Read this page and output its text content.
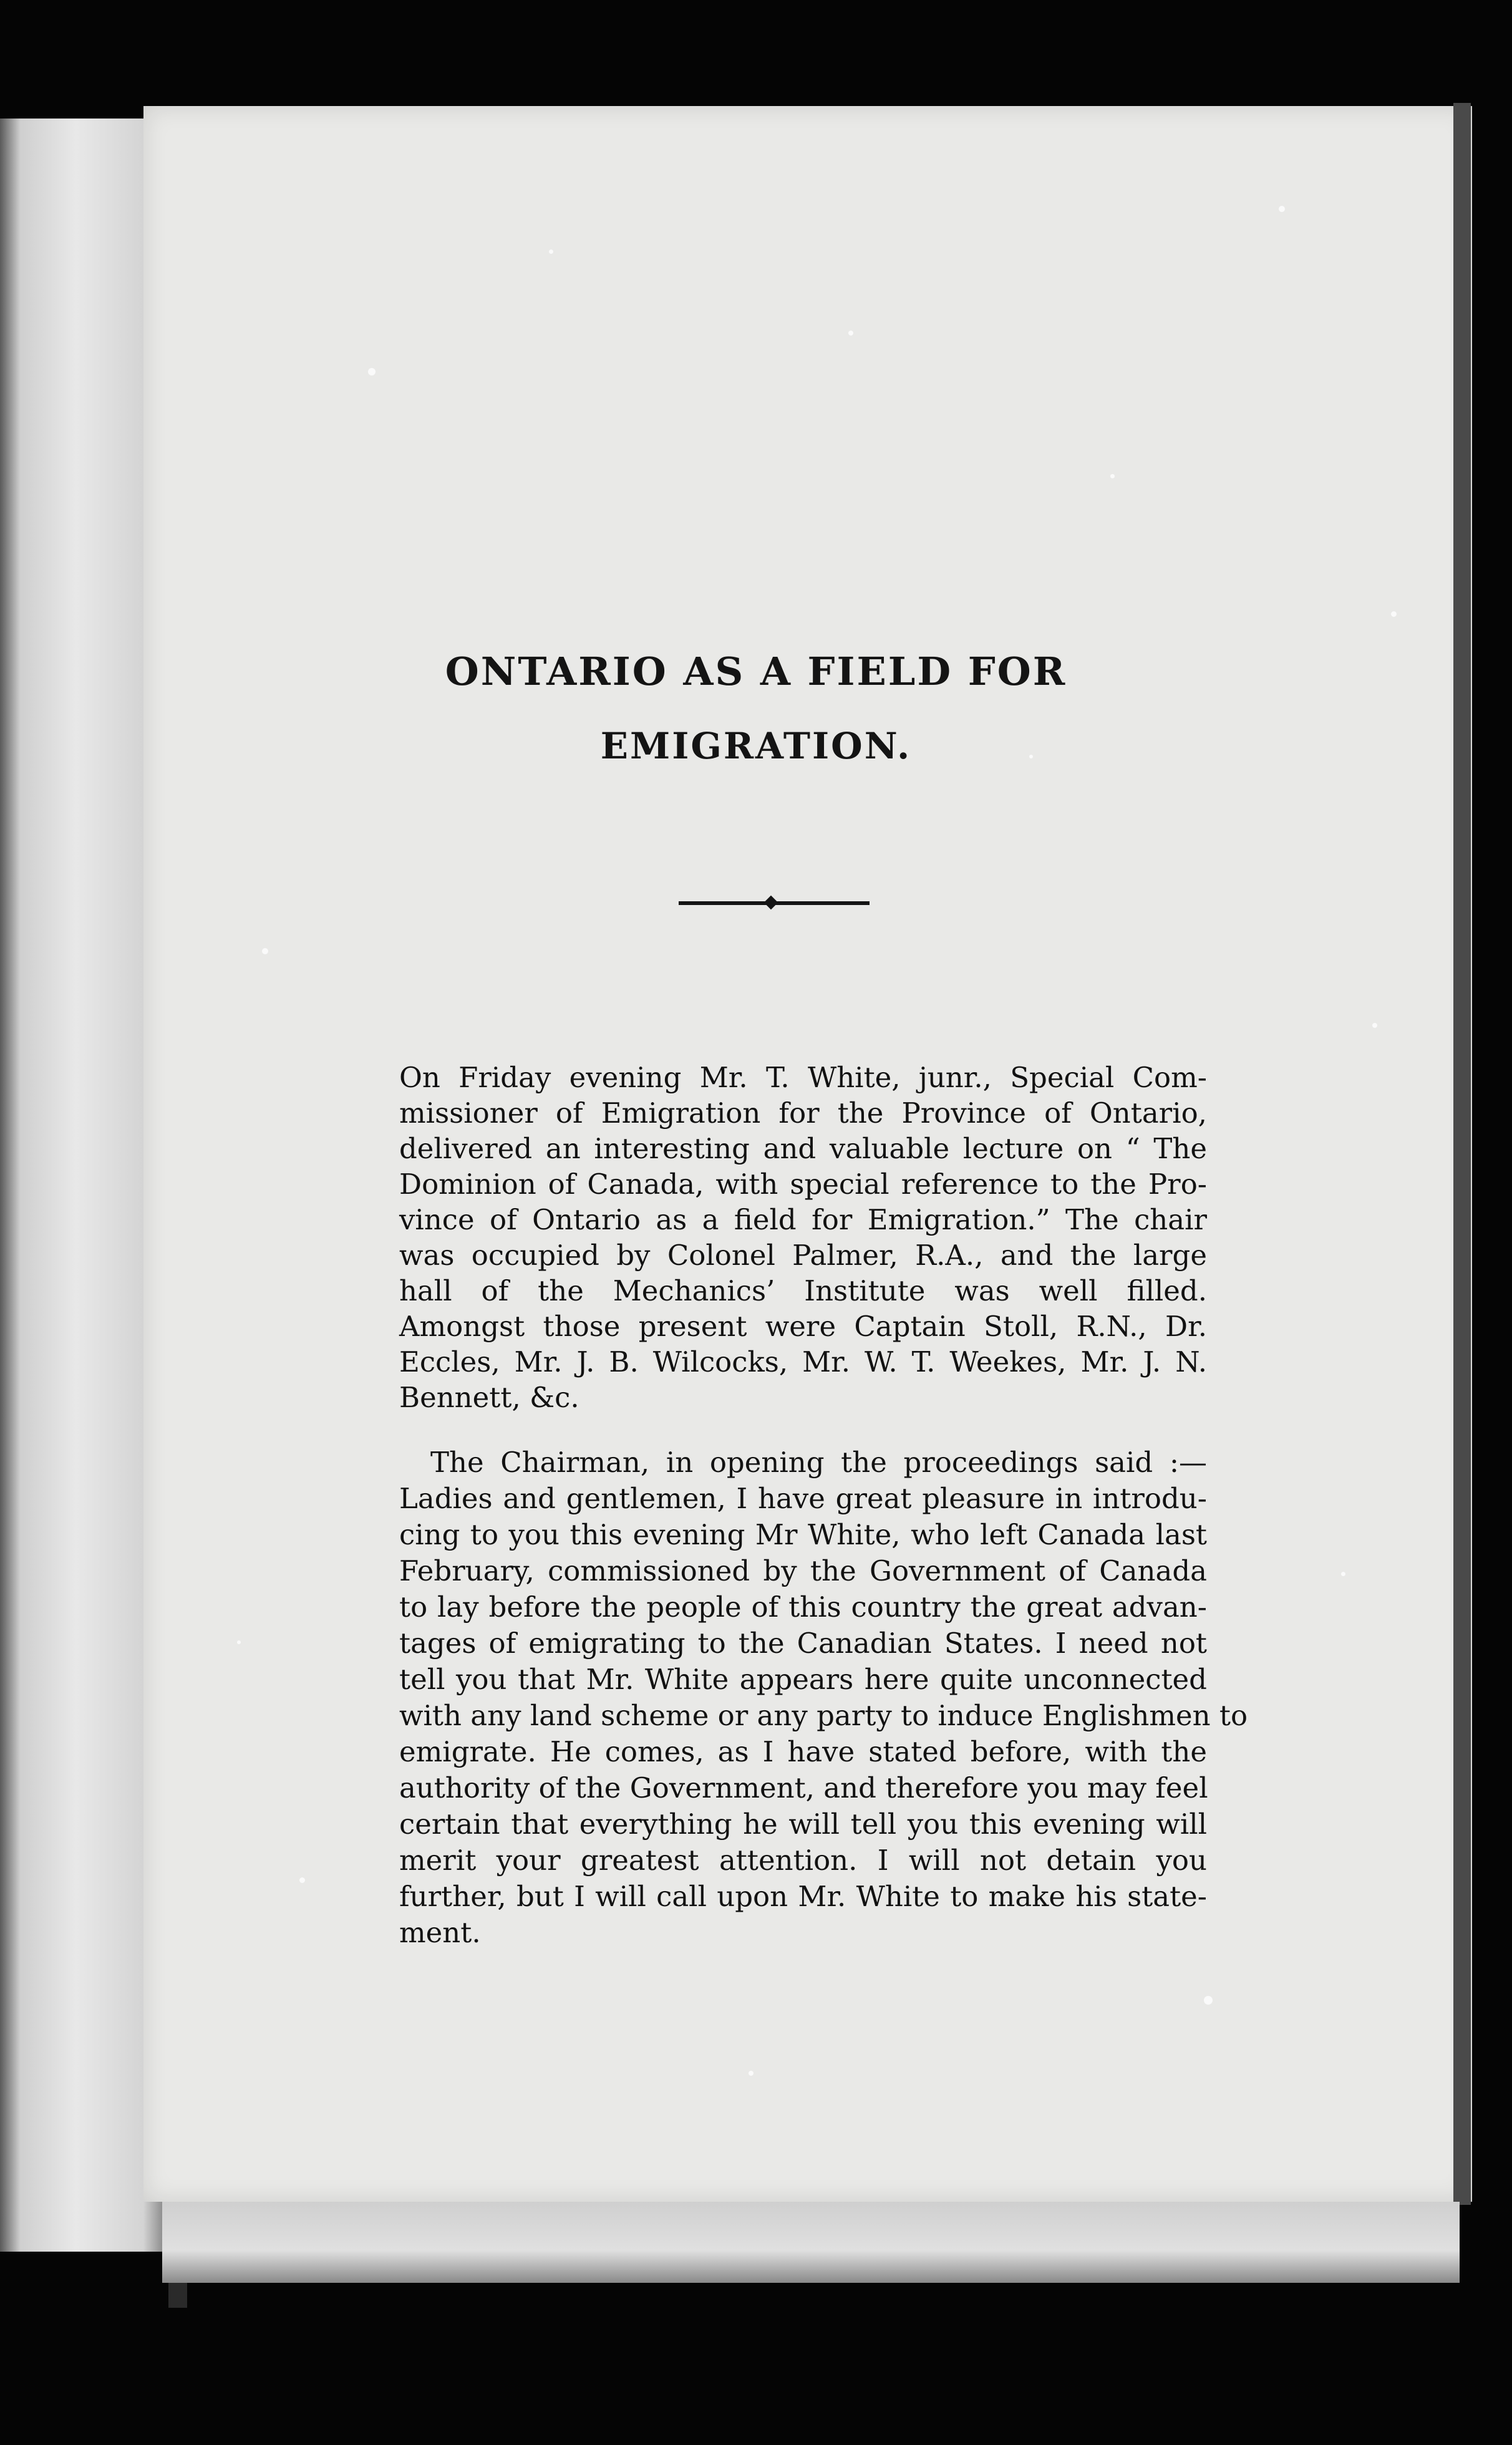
ONTARIO AS A FIELD FOR
EMIGRATION.
On Friday evening Mr. T. White, junr., Special Com-
missioner of Emigration for the Province of Ontario,
delivered an interesting and valuable lecture on “ The
Dominion of Canada, with special reference to the Pro-
vince of Ontario as a field for Emigration.” The chair
was occupied by Colonel Palmer, R.A., and the large
hall of the Mechanics’ Institute was well filled.
Amongst those present were Captain Stoll, R.N., Dr.
Eccles, Mr. J. B. Wilcocks, Mr. W. T. Weekes, Mr. J. N.
Bennett, &c.
The Chairman, in opening the proceedings said :—
Ladies and gentlemen, I have great pleasure in introdu-
cing to you this evening Mr White, who left Canada last
February, commissioned by the Government of Canada
to lay before the people of this country the great advan-
tages of emigrating to the Canadian States. I need not
tell you that Mr. White appears here quite unconnected
with any land scheme or any party to induce Englishmen to
emigrate. He comes, as I have stated before, with the
authority of the Government, and therefore you may feel
certain that everything he will tell you this evening will
merit your greatest attention. I will not detain you
further, but I will call upon Mr. White to make his state-
ment.
